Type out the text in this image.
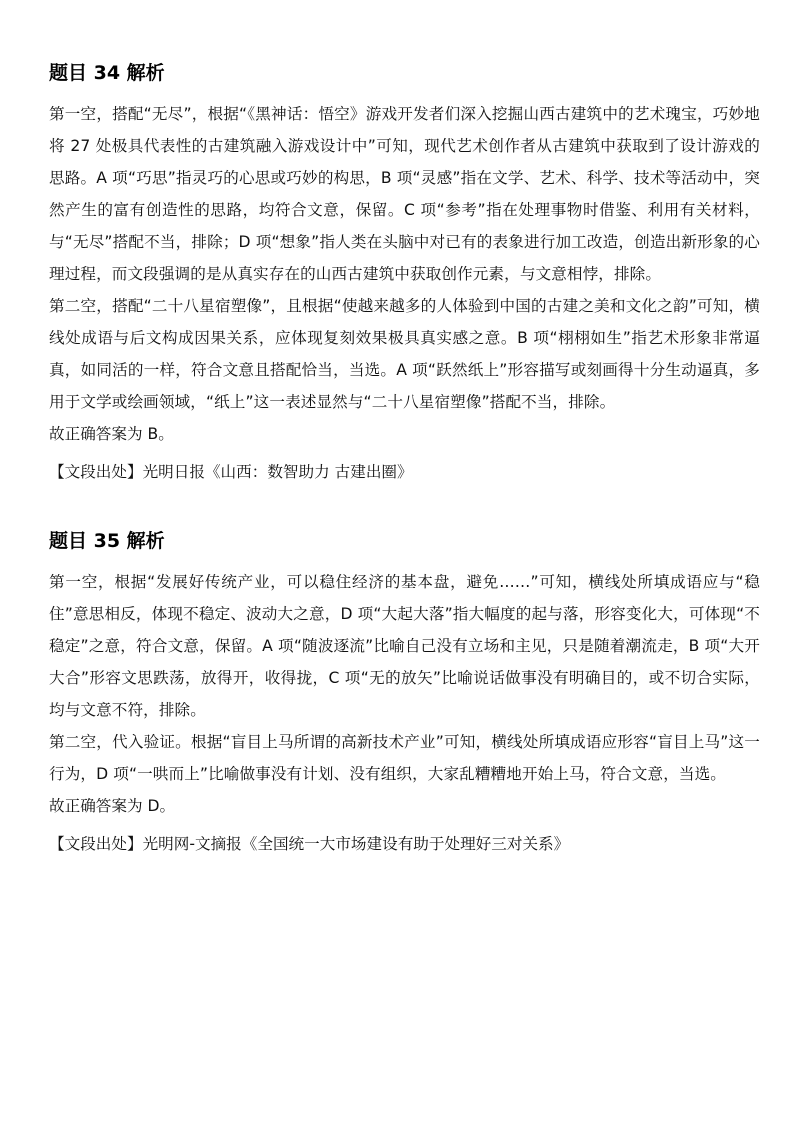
题目 34 解析

第一空，搭配“无尽”，根据“《黑神话：悟空》游戏开发者们深入挖掘山西古建筑中的艺术瑰宝，巧妙地将 27 处极具代表性的古建筑融入游戏设计中”可知，现代艺术创作者从古建筑中获取到了设计游戏的思路。A 项“巧思”指灵巧的心思或巧妙的构思，B 项“灵感”指在文学、艺术、科学、技术等活动中，突然产生的富有创造性的思路，均符合文意，保留。C 项“参考”指在处理事物时借鉴、利用有关材料，与“无尽”搭配不当，排除；D 项“想象”指人类在头脑中对已有的表象进行加工改造，创造出新形象的心理过程，而文段强调的是从真实存在的山西古建筑中获取创作元素，与文意相悖，排除。

第二空，搭配“二十八星宿塑像”，且根据“使越来越多的人体验到中国的古建之美和文化之韵”可知，横线处成语与后文构成因果关系，应体现复刻效果极具真实感之意。B 项“栩栩如生”指艺术形象非常逼真，如同活的一样，符合文意且搭配恰当，当选。A 项“跃然纸上”形容描写或刻画得十分生动逼真，多用于文学或绘画领域，“纸上”这一表述显然与“二十八星宿塑像”搭配不当，排除。

故正确答案为 B。

【文段出处】光明日报《山西：数智助力 古建出圈》

题目 35 解析

第一空，根据“发展好传统产业，可以稳住经济的基本盘，避免……”可知，横线处所填成语应与“稳住”意思相反，体现不稳定、波动大之意，D 项“大起大落”指大幅度的起与落，形容变化大，可体现“不稳定”之意，符合文意，保留。A 项“随波逐流”比喻自己没有立场和主见，只是随着潮流走，B 项“大开大合”形容文思跌荡，放得开，收得拢，C 项“无的放矢”比喻说话做事没有明确目的，或不切合实际，均与文意不符，排除。

第二空，代入验证。根据“盲目上马所谓的高新技术产业”可知，横线处所填成语应形容“盲目上马”这一行为，D 项“一哄而上”比喻做事没有计划、没有组织，大家乱糟糟地开始上马，符合文意，当选。

故正确答案为 D。

【文段出处】光明网-文摘报《全国统一大市场建设有助于处理好三对关系》
